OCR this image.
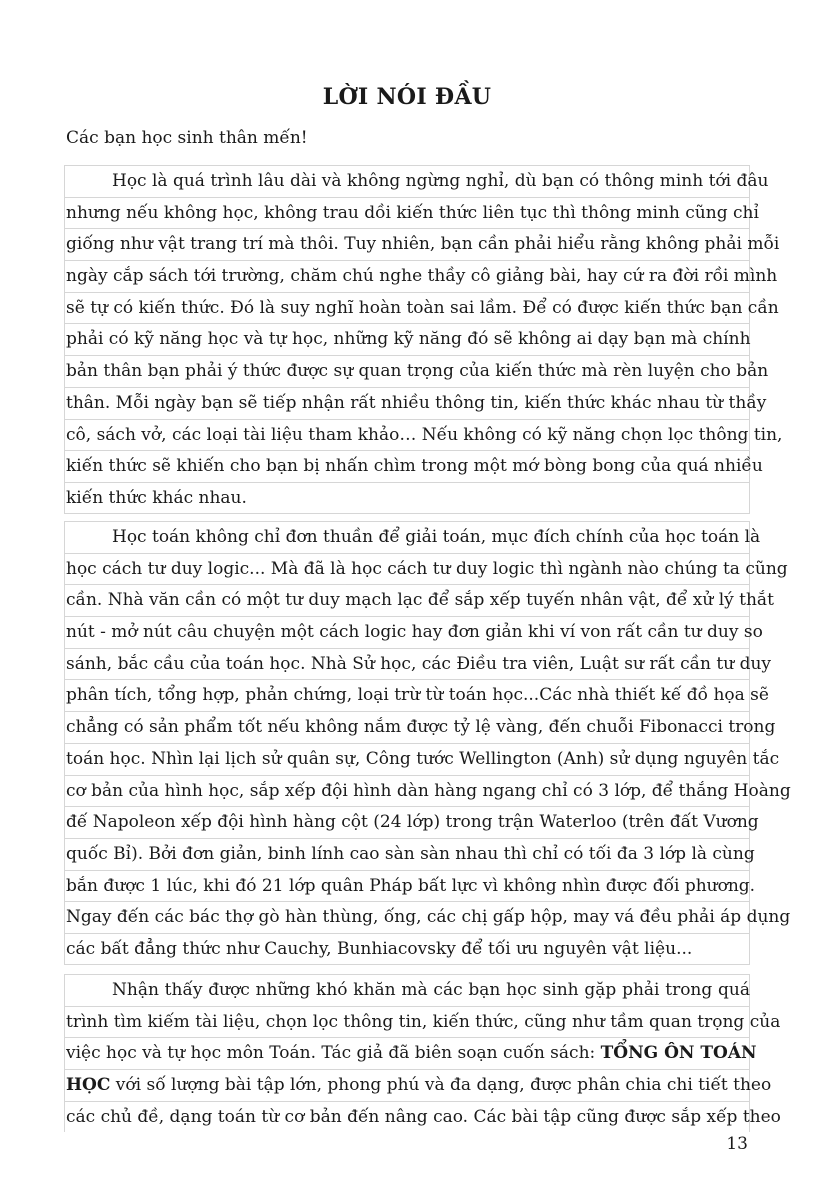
LỜI NÓI ĐẦU
Các bạn học sinh thân mến!
Học là quá trình lâu dài và không ngừng nghỉ, dù bạn có thông minh tới đâu
nhưng nếu không học, không trau dồi kiến thức liên tục thì thông minh cũng chỉ
giống như vật trang trí mà thôi. Tuy nhiên, bạn cần phải hiểu rằng không phải mỗi
ngày cắp sách tới trường, chăm chú nghe thầy cô giảng bài, hay cứ ra đời rồi mình
sẽ tự có kiến thức. Đó là suy nghĩ hoàn toàn sai lầm. Để có được kiến thức bạn cần
phải có kỹ năng học và tự học, những kỹ năng đó sẽ không ai dạy bạn mà chính
bản thân bạn phải ý thức được sự quan trọng của kiến thức mà rèn luyện cho bản
thân. Mỗi ngày bạn sẽ tiếp nhận rất nhiều thông tin, kiến thức khác nhau từ thầy
cô, sách vở, các loại tài liệu tham khảo… Nếu không có kỹ năng chọn lọc thông tin,
kiến thức sẽ khiến cho bạn bị nhấn chìm trong một mớ bòng bong của quá nhiều
kiến thức khác nhau.
Học toán không chỉ đơn thuần để giải toán, mục đích chính của học toán là
học cách tư duy logic... Mà đã là học cách tư duy logic thì ngành nào chúng ta cũng
cần. Nhà văn cần có một tư duy mạch lạc để sắp xếp tuyến nhân vật, để xử lý thắt
nút - mở nút câu chuyện một cách logic hay đơn giản khi ví von rất cần tư duy so
sánh, bắc cầu của toán học. Nhà Sử học, các Điều tra viên, Luật sư rất cần tư duy
phân tích, tổng hợp, phản chứng, loại trừ từ toán học...Các nhà thiết kế đồ họa sẽ
chẳng có sản phẩm tốt nếu không nắm được tỷ lệ vàng, đến chuỗi Fibonacci trong
toán học. Nhìn lại lịch sử quân sự, Công tước Wellington (Anh) sử dụng nguyên tắc
cơ bản của hình học, sắp xếp đội hình dàn hàng ngang chỉ có 3 lớp, để thắng Hoàng
đế Napoleon xếp đội hình hàng cột (24 lớp) trong trận Waterloo (trên đất Vương
quốc Bỉ). Bởi đơn giản, binh lính cao sàn sàn nhau thì chỉ có tối đa 3 lớp là cùng
bắn được 1 lúc, khi đó 21 lớp quân Pháp bất lực vì không nhìn được đối phương.
Ngay đến các bác thợ gò hàn thùng, ống, các chị gấp hộp, may vá đều phải áp dụng
các bất đẳng thức như Cauchy, Bunhiacovsky để tối ưu nguyên vật liệu...
Nhận thấy được những khó khăn mà các bạn học sinh gặp phải trong quá
trình tìm kiếm tài liệu, chọn lọc thông tin, kiến thức, cũng như tầm quan trọng của
việc học và tự học môn Toán. Tác giả đã biên soạn cuốn sách: TỔNG ÔN TOÁN
HỌC với số lượng bài tập lớn, phong phú và đa dạng, được phân chia chi tiết theo
các chủ đề, dạng toán từ cơ bản đến nâng cao. Các bài tập cũng được sắp xếp theo
13
